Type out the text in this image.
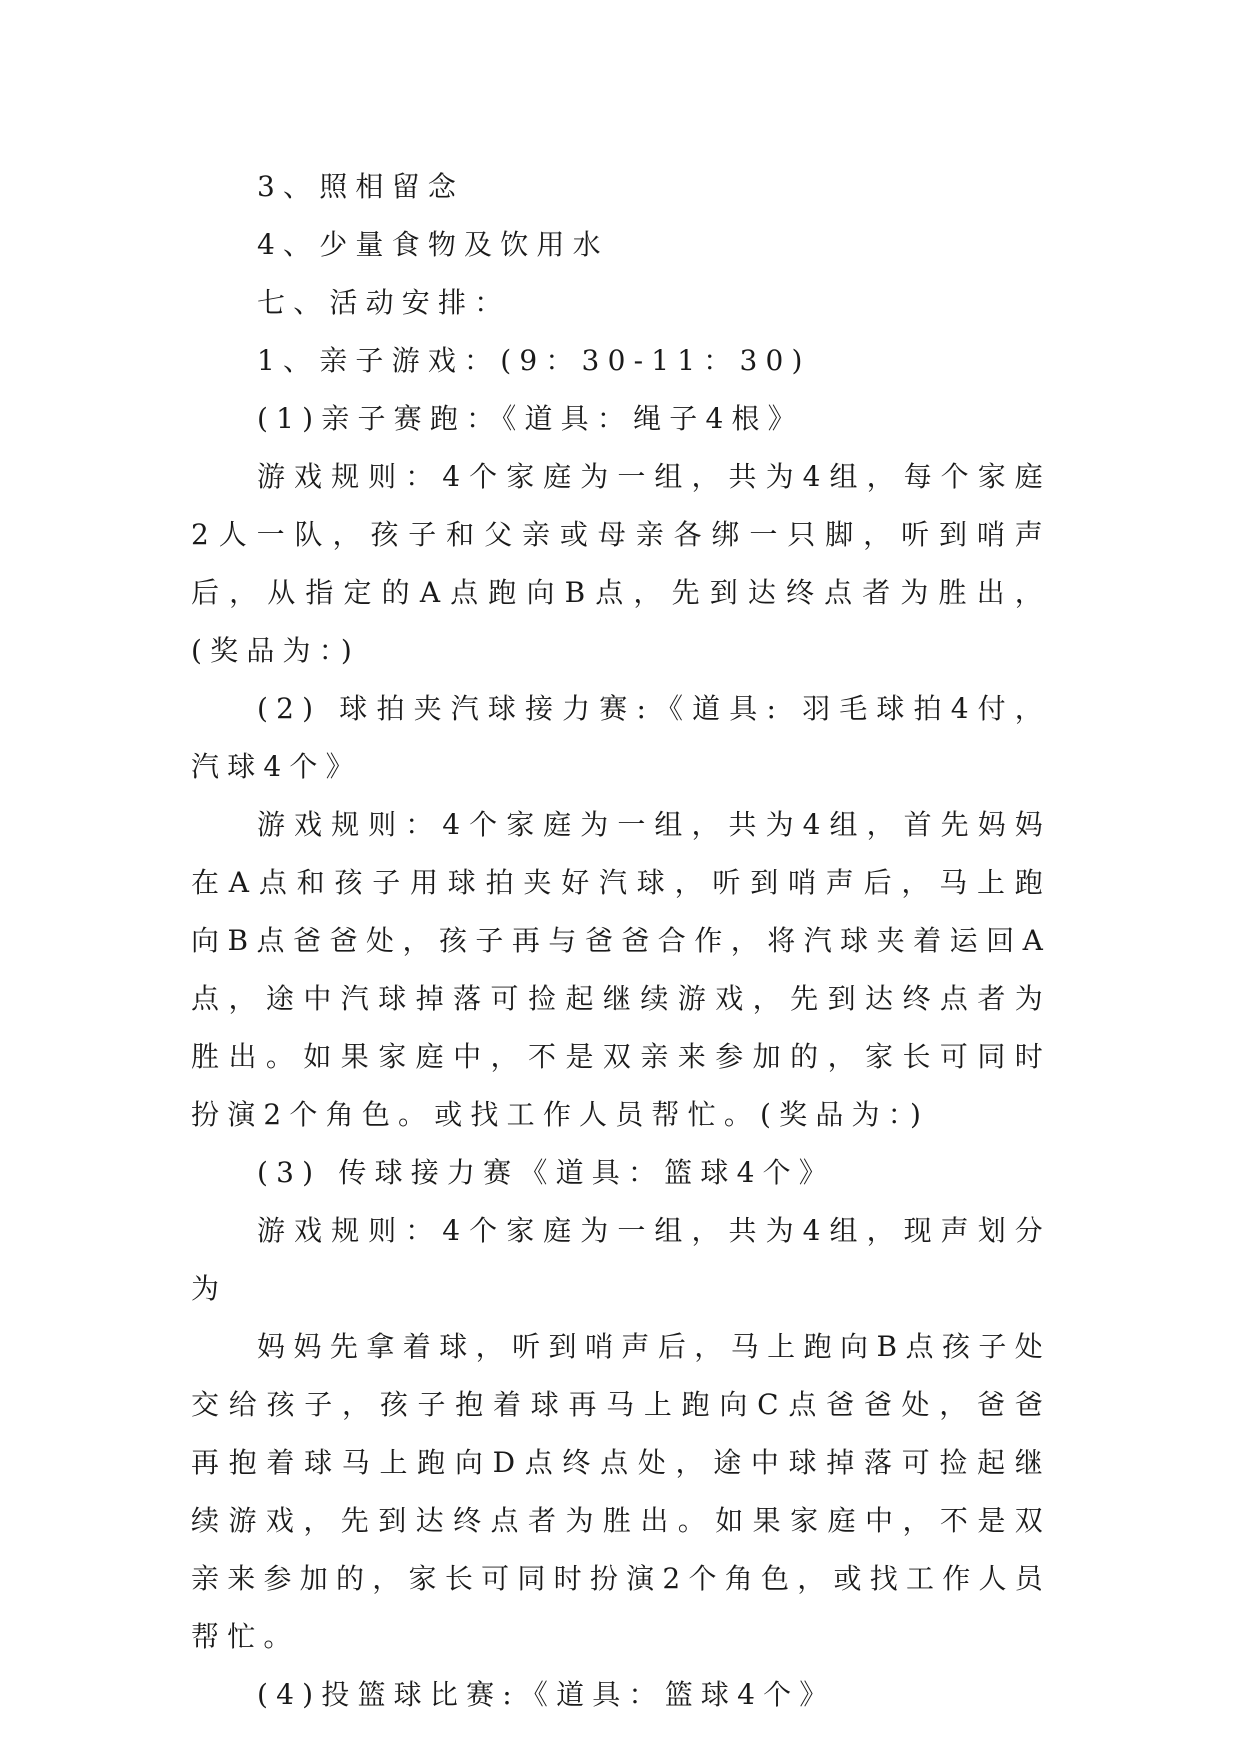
3、照相留念

4、少量食物及饮用水

七、活动安排：

1、亲子游戏：(9：30-11：30)

(1)亲子赛跑：《道具：绳子4根》

游戏规则：4个家庭为一组，共为4组，每个家庭2人一队，孩子和父亲或母亲各绑一只脚，听到哨声后，从指定的A点跑向B点，先到达终点者为胜出，(奖品为：)

(2) 球拍夹汽球接力赛:《道具: 羽毛球拍4付，汽球4个》

游戏规则：4个家庭为一组，共为4组，首先妈妈在A点和孩子用球拍夹好汽球，听到哨声后，马上跑向B点爸爸处，孩子再与爸爸合作，将汽球夹着运回A点，途中汽球掉落可捡起继续游戏，先到达终点者为胜出。如果家庭中，不是双亲来参加的，家长可同时扮演2个角色。或找工作人员帮忙。(奖品为：)

(3) 传球接力赛《道具：篮球4个》

游戏规则：4个家庭为一组，共为4组，现声划分为

妈妈先拿着球，听到哨声后，马上跑向B点孩子处交给孩子，孩子抱着球再马上跑向C点爸爸处，爸爸再抱着球马上跑向D点终点处，途中球掉落可捡起继续游戏，先到达终点者为胜出。如果家庭中，不是双亲来参加的，家长可同时扮演2个角色，或找工作人员帮忙。

(4)投篮球比赛:《道具：篮球4个》
